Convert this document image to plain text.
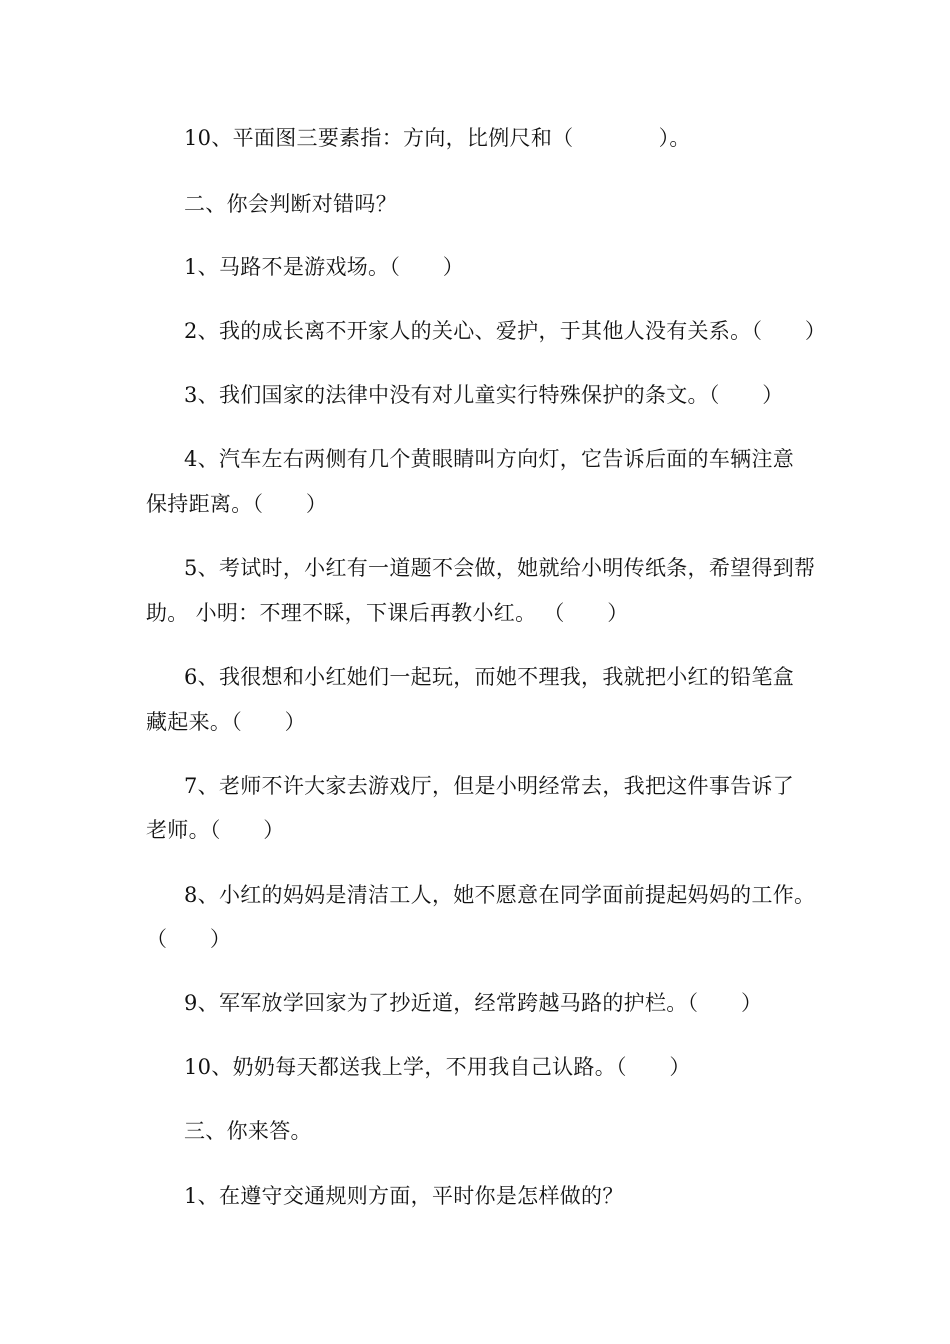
10、平面图三要素指：方向，比例尺和（　　　　）。
二、你会判断对错吗？
1、马路不是游戏场。（　　）
2、我的成长离不开家人的关心、爱护，于其他人没有关系。（　　）
3、我们国家的法律中没有对儿童实行特殊保护的条文。（　　）
4、汽车左右两侧有几个黄眼睛叫方向灯，它告诉后面的车辆注意
保持距离。（　　）
5、考试时，小红有一道题不会做，她就给小明传纸条，希望得到帮
助。 小明：不理不睬，下课后再教小红。 （　　）
6、我很想和小红她们一起玩，而她不理我，我就把小红的铅笔盒
藏起来。（　　）
7、老师不许大家去游戏厅，但是小明经常去，我把这件事告诉了
老师。（　　）
8、小红的妈妈是清洁工人，她不愿意在同学面前提起妈妈的工作。
（　　）
9、军军放学回家为了抄近道，经常跨越马路的护栏。（　　）
10、奶奶每天都送我上学，不用我自己认路。（　　）
三、你来答。
1、在遵守交通规则方面，平时你是怎样做的？
